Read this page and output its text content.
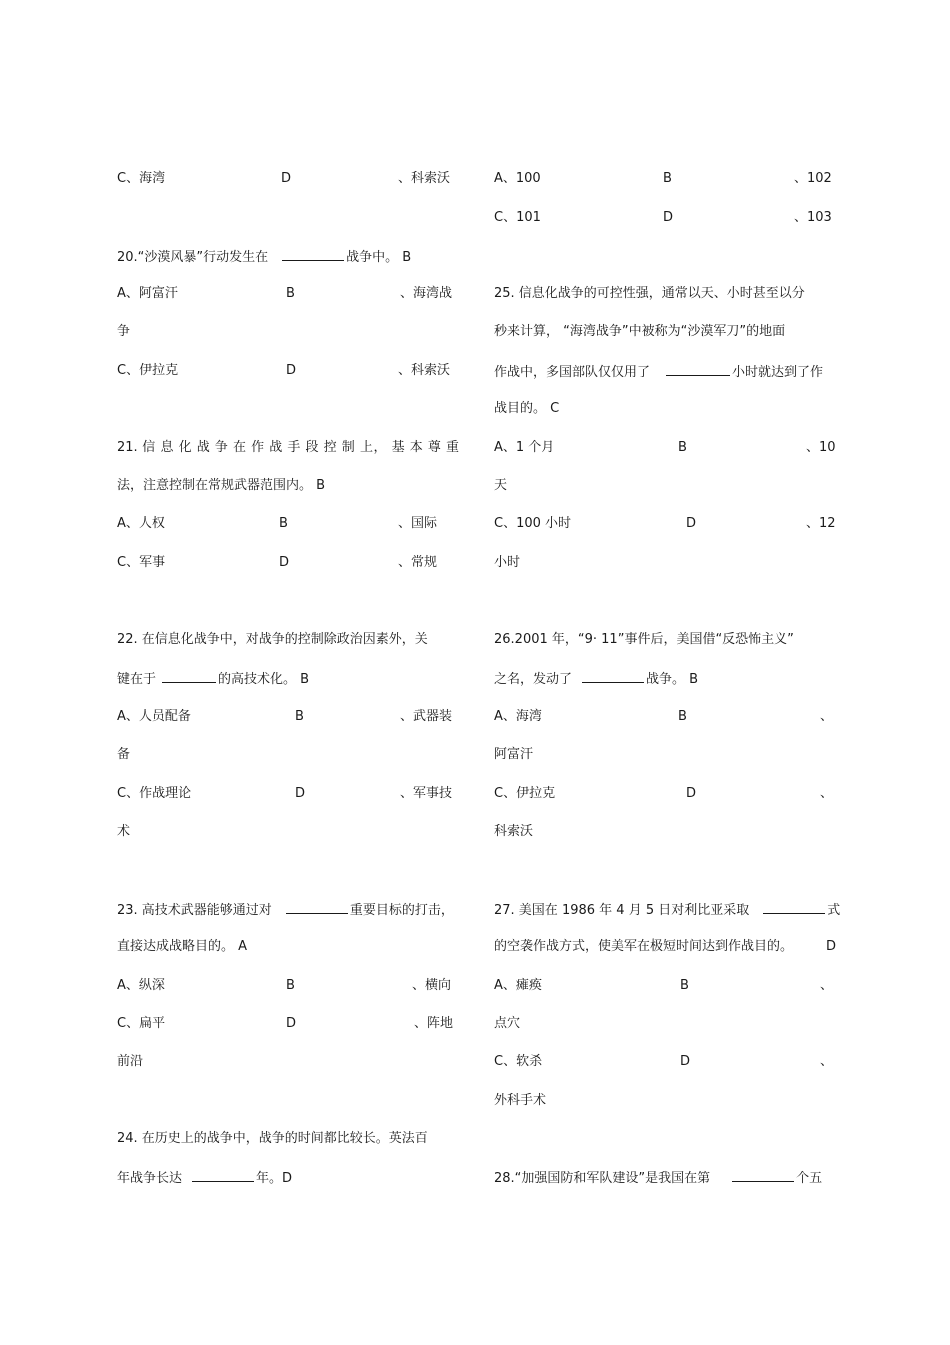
C、海湾	D	、科索沃
20.“沙漠风暴”行动发生在	战争中。 B
A、阿富汗	B	、海湾战
争
C、伊拉克	D	、科索沃
21. 信 息 化 战 争 在 作 战 手 段 控 制 上， 基 本 尊 重
法，注意控制在常规武器范围内。 B
A、人权	B	、国际
C、军事	D	、常规
22. 在信息化战争中，对战争的控制除政治因素外，关
键在于	的高技术化。 B
A、人员配备	B	、武器装
备
C、作战理论	D	、军事技
术
23. 高技术武器能够通过对	重要目标的打击，
直接达成战略目的。 A
A、纵深	B	、横向
C、扁平	D	、阵地
前沿
24. 在历史上的战争中，战争的时间都比较长。英法百
年战争长达	年。D
A、100	B	、102
C、101	D	、103
25. 信息化战争的可控性强，通常以天、小时甚至以分
秒来计算， “海湾战争”中被称为“沙漠军刀”的地面
作战中，多国部队仅仅用了	小时就达到了作
战目的。 C
A、1 个月	B	、10
天
C、100 小时	D	、12
小时
26.2001 年，“9· 11”事件后，美国借“反恐怖主义”
之名，发动了	战争。 B
A、海湾	B	、
阿富汗
C、伊拉克	D	、
科索沃
27. 美国在 1986 年 4 月 5 日对利比亚采取	式
的空袭作战方式，使美军在极短时间达到作战目的。	D
A、瘫痪	B	、
点穴
C、软杀	D	、
外科手术
28.“加强国防和军队建设”是我国在第	个五
